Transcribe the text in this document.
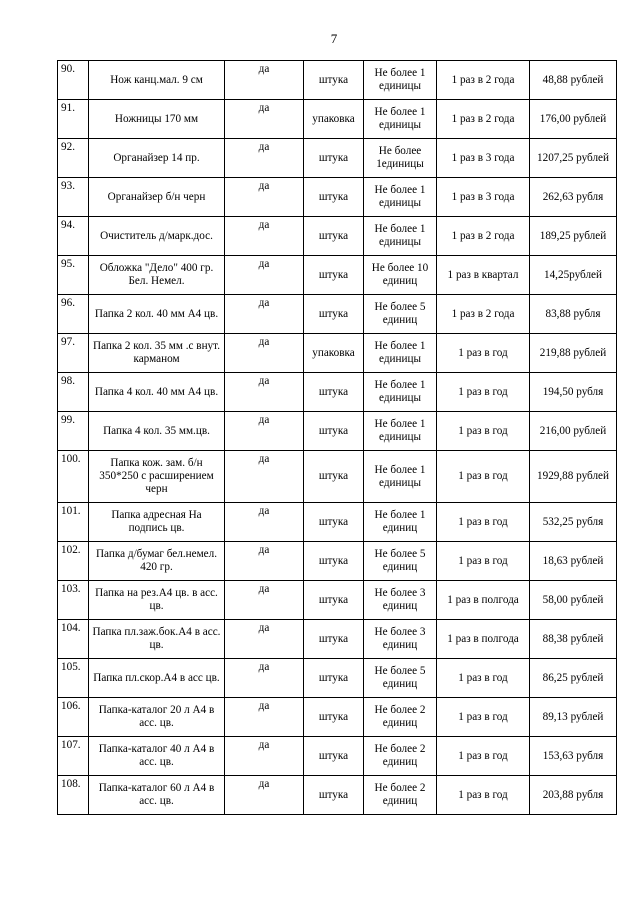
7
90.	Нож канц.мал. 9 см	да	штука	Не более 1 единицы	1 раз в 2 года	48,88 рублей
91.	Ножницы 170 мм	да	упаковка	Не более 1 единицы	1 раз в 2 года	176,00 рублей
92.	Органайзер 14 пр.	да	штука	Не более 1единицы	1 раз в 3 года	1207,25 рублей
93.	Органайзер б/н черн	да	штука	Не более 1 единицы	1 раз в 3 года	262,63 рубля
94.	Очиститель д/марк.дос.	да	штука	Не более 1 единицы	1 раз в 2 года	189,25 рублей
95.	Обложка "Дело" 400 гр. Бел. Немел.	да	штука	Не более 10 единиц	1 раз в квартал	14,25рублей
96.	Папка 2 кол. 40 мм А4 цв.	да	штука	Не более 5 единиц	1 раз в 2 года	83,88 рубля
97.	Папка 2 кол. 35 мм .с внут. карманом	да	упаковка	Не более 1 единицы	1 раз в год	219,88 рублей
98.	Папка 4 кол. 40 мм А4 цв.	да	штука	Не более 1 единицы	1 раз в год	194,50 рубля
99.	Папка 4 кол. 35 мм.цв.	да	штука	Не более 1 единицы	1 раз в год	216,00 рублей
100.	Папка кож. зам. б/н 350*250 с расширением черн	да	штука	Не более 1 единицы	1 раз в год	1929,88 рублей
101.	Папка адресная На подпись цв.	да	штука	Не более 1 единиц	1 раз в год	532,25 рубля
102.	Папка д/бумаг бел.немел. 420 гр.	да	штука	Не более 5 единиц	1 раз в год	18,63 рублей
103.	Папка на рез.А4 цв. в асс. цв.	да	штука	Не более 3 единиц	1 раз в полгода	58,00 рублей
104.	Папка пл.заж.бок.А4 в асс. цв.	да	штука	Не более 3 единиц	1 раз в полгода	88,38 рублей
105.	Папка пл.скор.А4 в асс цв.	да	штука	Не более 5 единиц	1 раз в год	86,25 рублей
106.	Папка-каталог 20 л А4 в асс. цв.	да	штука	Не более 2 единиц	1 раз в год	89,13 рублей
107.	Папка-каталог 40 л А4 в асс. цв.	да	штука	Не более 2 единиц	1 раз в год	153,63 рубля
108.	Папка-каталог 60 л А4 в асс. цв.	да	штука	Не более 2 единиц	1 раз в год	203,88 рубля
